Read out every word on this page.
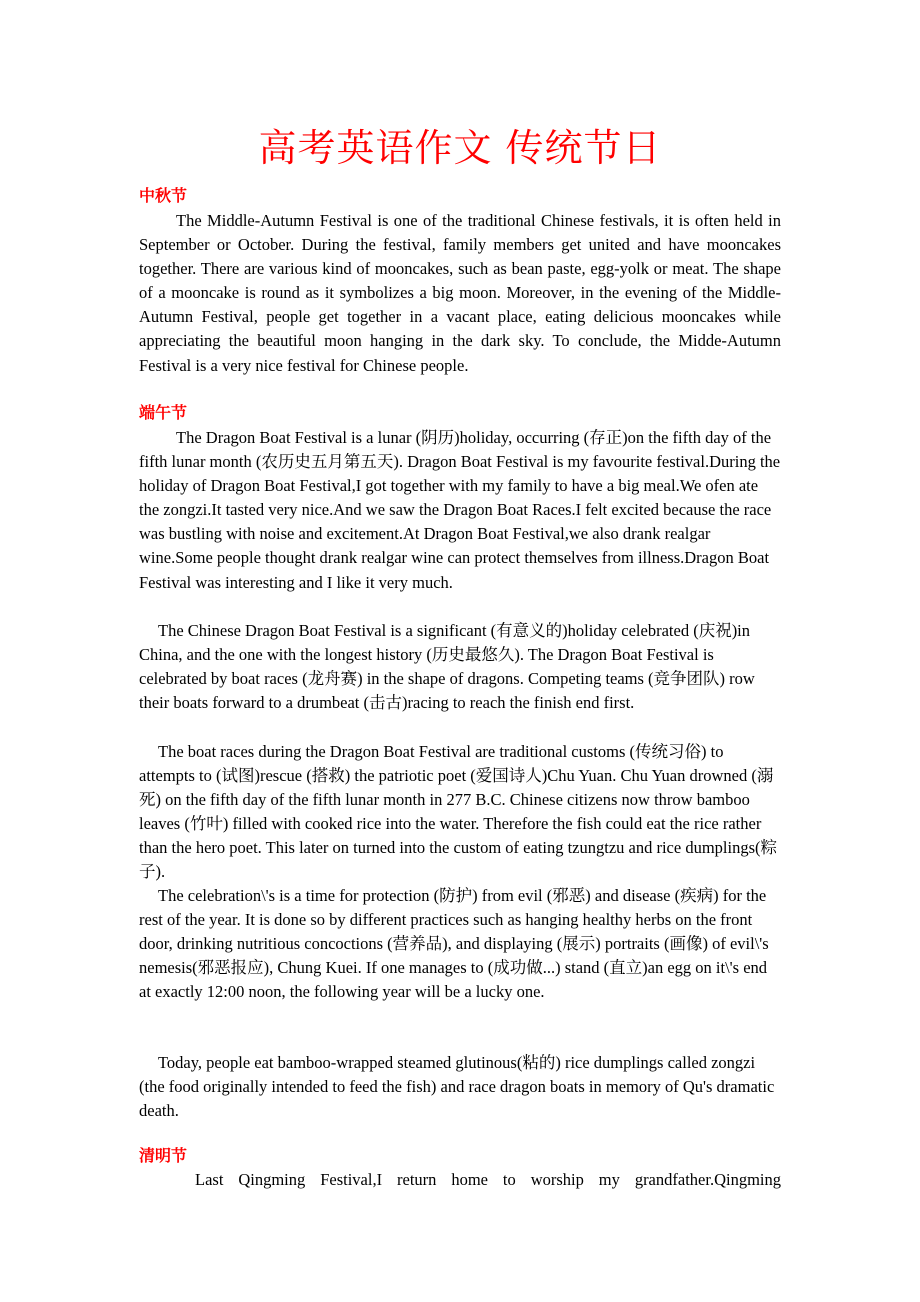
高考英语作文 传统节日
中秋节

The Middle-Autumn Festival is one of the traditional Chinese festivals, it is often held in September or October. During the festival, family members get united and have mooncakes together. There are various kind of mooncakes, such as bean paste, egg-yolk or meat. The shape of a mooncake is round as it symbolizes a big moon. Moreover, in the evening of the Middle-Autumn Festival, people get together in a vacant place, eating delicious mooncakes while appreciating the beautiful moon hanging in the dark sky. To conclude, the Midde-Autumn Festival is a very nice festival for Chinese people.

端午节

The Dragon Boat Festival is a lunar (阴历)holiday, occurring (存正)on the fifth day of the fifth lunar month (农历史五月第五天). Dragon Boat Festival is my favourite festival.During the holiday of Dragon Boat Festival,I got together with my family to have a big meal.We ofen ate the zongzi.It tasted very nice.And we saw the Dragon Boat Races.I felt excited because the race was bustling with noise and excitement.At Dragon Boat Festival,we also drank realgar wine.Some people thought drank realgar wine can protect themselves from illness.Dragon Boat Festival was interesting and I like it very much.

The Chinese Dragon Boat Festival is a significant (有意义的)holiday celebrated (庆祝)in China, and the one with the longest history (历史最悠久). The Dragon Boat Festival is celebrated by boat races (龙舟赛) in the shape of dragons. Competing teams (竞争团队) row their boats forward to a drumbeat (击古)racing to reach the finish end first.

The boat races during the Dragon Boat Festival are traditional customs (传统习俗) to attempts to (试图)rescue (搭救) the patriotic poet (爱国诗人)Chu Yuan. Chu Yuan drowned (溺死) on the fifth day of the fifth lunar month in 277 B.C. Chinese citizens now throw bamboo leaves (竹叶) filled with cooked rice into the water. Therefore the fish could eat the rice rather than the hero poet. This later on turned into the custom of eating tzungtzu and rice dumplings(粽子).

The celebration\'s is a time for protection (防护) from evil (邪恶) and disease (疾病) for the rest of the year. It is done so by different practices such as hanging healthy herbs on the front door, drinking nutritious concoctions (营养品), and displaying (展示) portraits (画像) of evil\'s nemesis(邪恶报应), Chung Kuei. If one manages to (成功做...) stand (直立)an egg on it\'s end at exactly 12:00 noon, the following year will be a lucky one.

Today, people eat bamboo-wrapped steamed glutinous(粘的) rice dumplings called zongzi (the food originally intended to feed the fish) and race dragon boats in memory of Qu's dramatic death.

清明节

Last Qingming Festival,I return home to worship my grandfather.Qingming
